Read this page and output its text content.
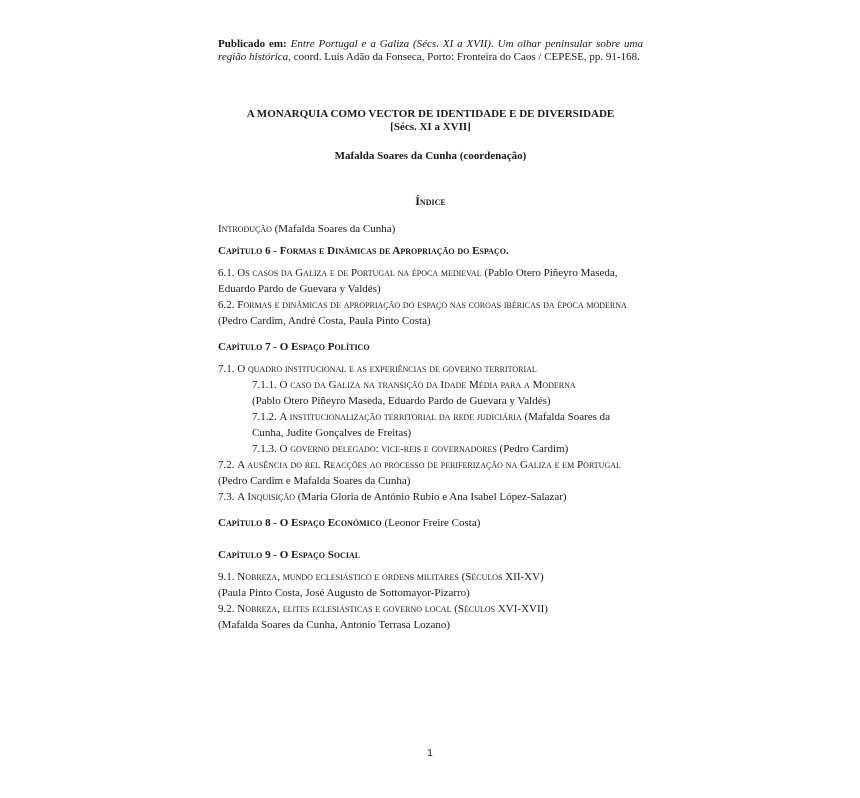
Publicado em: Entre Portugal e a Galiza (Sécs. XI a XVII). Um olhar peninsular sobre uma região histórica, coord. Luís Adão da Fonseca, Porto: Fronteira do Caos / CEPESE, pp. 91-168.
A MONARQUIA COMO VECTOR DE IDENTIDADE E DE DIVERSIDADE
[Sécs. XI a XVII]
Mafalda Soares da Cunha (coordenação)
Índice
Introdução (Mafalda Soares da Cunha)
Capítulo 6 - Formas e Dinâmicas de Apropriação do Espaço.
6.1. Os casos da Galiza e de Portugal na época medieval (Pablo Otero Piñeyro Maseda, Eduardo Pardo de Guevara y Valdés)
6.2. Formas e dinâmicas de apropriação do espaço nas coroas ibéricas da época moderna (Pedro Cardim, André Costa, Paula Pinto Costa)
Capítulo 7 - O Espaço Político
7.1. O quadro institucional e as experiências de governo territorial
7.1.1. O caso da Galiza na transição da Idade Média para a Moderna
(Pablo Otero Piñeyro Maseda, Eduardo Pardo de Guevara y Valdés)
7.1.2. A institucionalização territorial da rede judiciária (Mafalda Soares da Cunha, Judite Gonçalves de Freitas)
7.1.3. O governo delegado: vice-reis e governadores (Pedro Cardim)
7.2. A ausência do rei. Reacções ao processo de periferização na Galiza e em Portugal (Pedro Cardim e Mafalda Soares da Cunha)
7.3. A Inquisição (Maria Gloria de António Rubio e Ana Isabel López-Salazar)
Capítulo 8 - O Espaço Económico (Leonor Freire Costa)
Capítulo 9 - O Espaço Social
9.1. Nobreza, mundo eclesiástico e ordens militares (Séculos XII-XV)
(Paula Pinto Costa, José Augusto de Sottomayor-Pizarro)
9.2. Nobreza, elites eclesiásticas e governo local (Séculos XVI-XVII)
(Mafalda Soares da Cunha, Antonio Terrasa Lozano)
1
